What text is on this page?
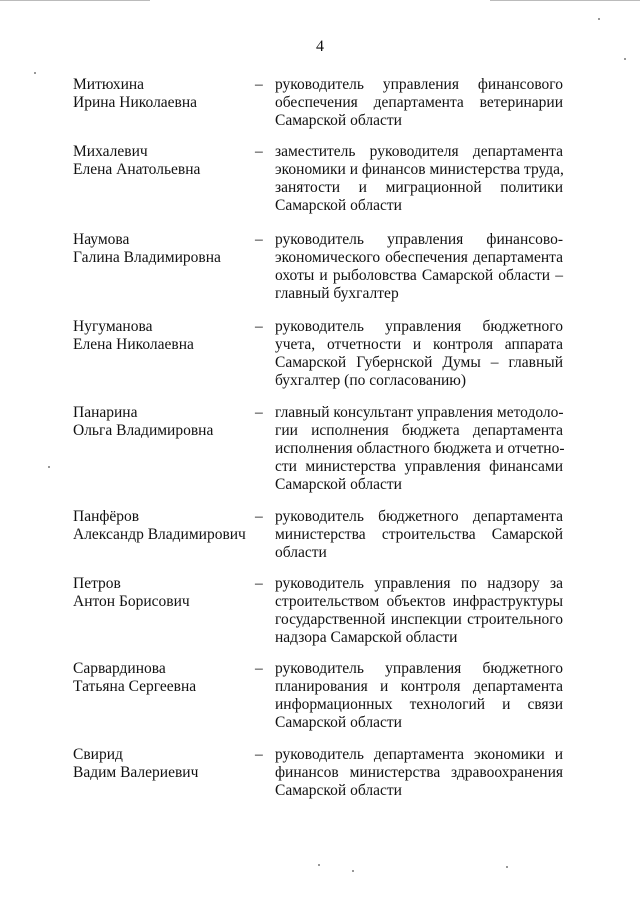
4
Митюхина
Ирина Николаевна
– руководитель управления финансового
обеспечения департамента ветеринарии
Самарской области
Михалевич
Елена Анатольевна
– заместитель руководителя департамента
экономики и финансов министерства труда,
занятости и миграционной политики
Самарской области
Наумова
Галина Владимировна
– руководитель управления финансово-
экономического обеспечения департамента
охоты и рыболовства Самарской области –
главный бухгалтер
Нугуманова
Елена Николаевна
– руководитель управления бюджетного
учета, отчетности и контроля аппарата
Самарской Губернской Думы – главный
бухгалтер (по согласованию)
Панарина
Ольга Владимировна
– главный консультант управления методоло-
гии исполнения бюджета департамента
исполнения областного бюджета и отчетно-
сти министерства управления финансами
Самарской области
Панфёров
Александр Владимирович
– руководитель бюджетного департамента
министерства строительства Самарской
области
Петров
Антон Борисович
– руководитель управления по надзору за
строительством объектов инфраструктуры
государственной инспекции строительного
надзора Самарской области
Сарвардинова
Татьяна Сергеевна
– руководитель управления бюджетного
планирования и контроля департамента
информационных технологий и связи
Самарской области
Свирид
Вадим Валериевич
– руководитель департамента экономики и
финансов министерства здравоохранения
Самарской области
